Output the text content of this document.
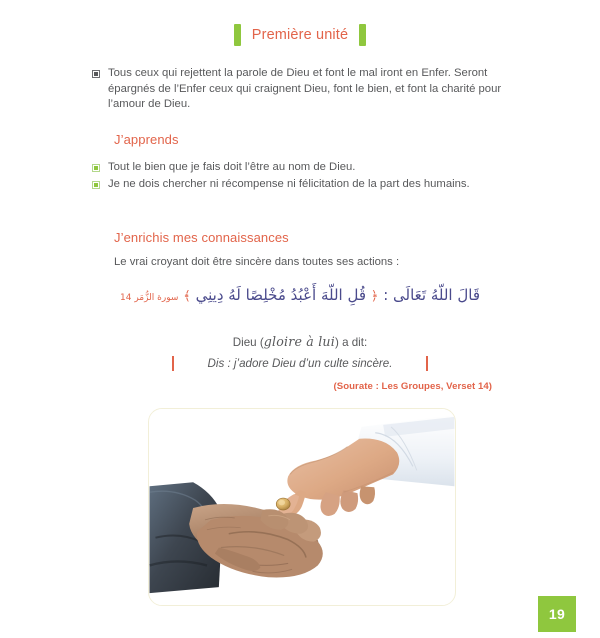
Première unité
Tous ceux qui rejettent la parole de Dieu et font le mal iront en Enfer. Seront épargnés de l’Enfer ceux qui craignent Dieu, font le bien, et font la charité pour l’amour de Dieu.
J’apprends
Tout le bien que je fais doit l’être au nom de Dieu.
Je ne dois chercher ni récompense ni félicitation de la part des humains.
J’enrichis mes connaissances
Le vrai croyant doit être sincère dans toutes ses actions :
قَالَ اللّهُ تَعَالَى : ﴿ قُلِ اللّهَ أَعْبُدُ مُخْلِصًا لَهُ دِينِي ﴾ سورة الزُّمَر 14
Dieu (gloire à lui) a dit:
Dis : j’adore Dieu d’un culte sincère.
(Sourate : Les Groupes, Verset 14)
19
